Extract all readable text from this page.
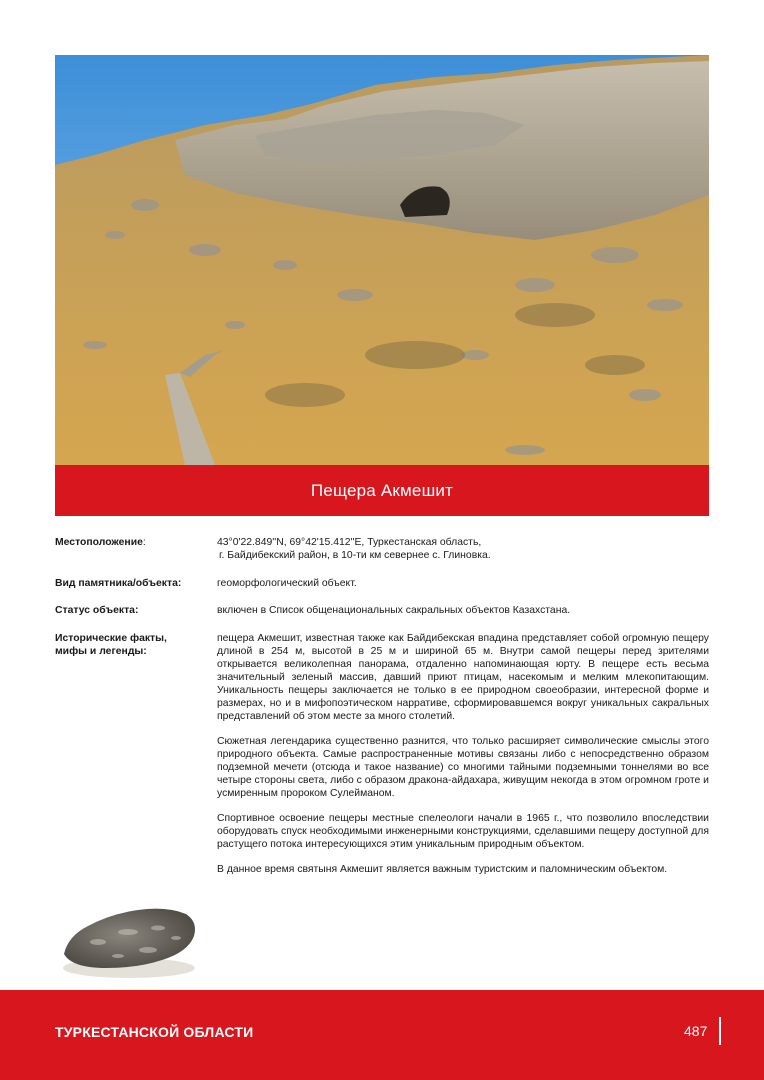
Пещера Акмешит
Местоположение:	43°0'22.849''N, 69°42'15.412''E, Туркестанская область,
г. Байдибекский район, в 10-ти км севернее с. Глиновка.
Вид памятника/объекта:	геоморфологический объект.
Статус объекта:	включен в Список общенациональных сакральных объектов Казахстана.
Исторические факты,
мифы и легенды:

пещера Акмешит, известная также как Байдибекская впадина представляет собой огромную пещеру длиной в 254 м, высотой в 25 м и шириной 65 м. Внутри самой пещеры перед зрителями открывается великолепная панорама, отдаленно напоминающая юрту. В пещере есть весьма значительный зеленый массив, давший приют птицам, насекомым и мелким млекопитающим. Уникальность пещеры заключается не только в ее природном своеобразии, интересной форме и размерах, но и в мифопоэтическом нарративе, сформировавшемся вокруг уникальных сакральных представлений об этом месте за много столетий.

Сюжетная легендарика существенно разнится, что только расширяет символические смыслы этого природного объекта. Самые распространенные мотивы связаны либо с непосредственно образом подземной мечети (отсюда и такое название) со многими тайными подземными тоннелями во все четыре стороны света, либо с образом дракона-айдахара, живущим некогда в этом огромном гроте и усмиренным пророком Сулейманом.

Спортивное освоение пещеры местные спелеологи начали в 1965 г., что позволило впоследствии оборудовать спуск необходимыми инженерными конструкциями, сделавшими пещеру доступной для растущего потока интересующихся этим уникальным природным объектом.

В данное время святыня Акмешит является важным туристским и паломническим объектом.

ТУРКЕСТАНСКОЙ ОБЛАСТИ	487
